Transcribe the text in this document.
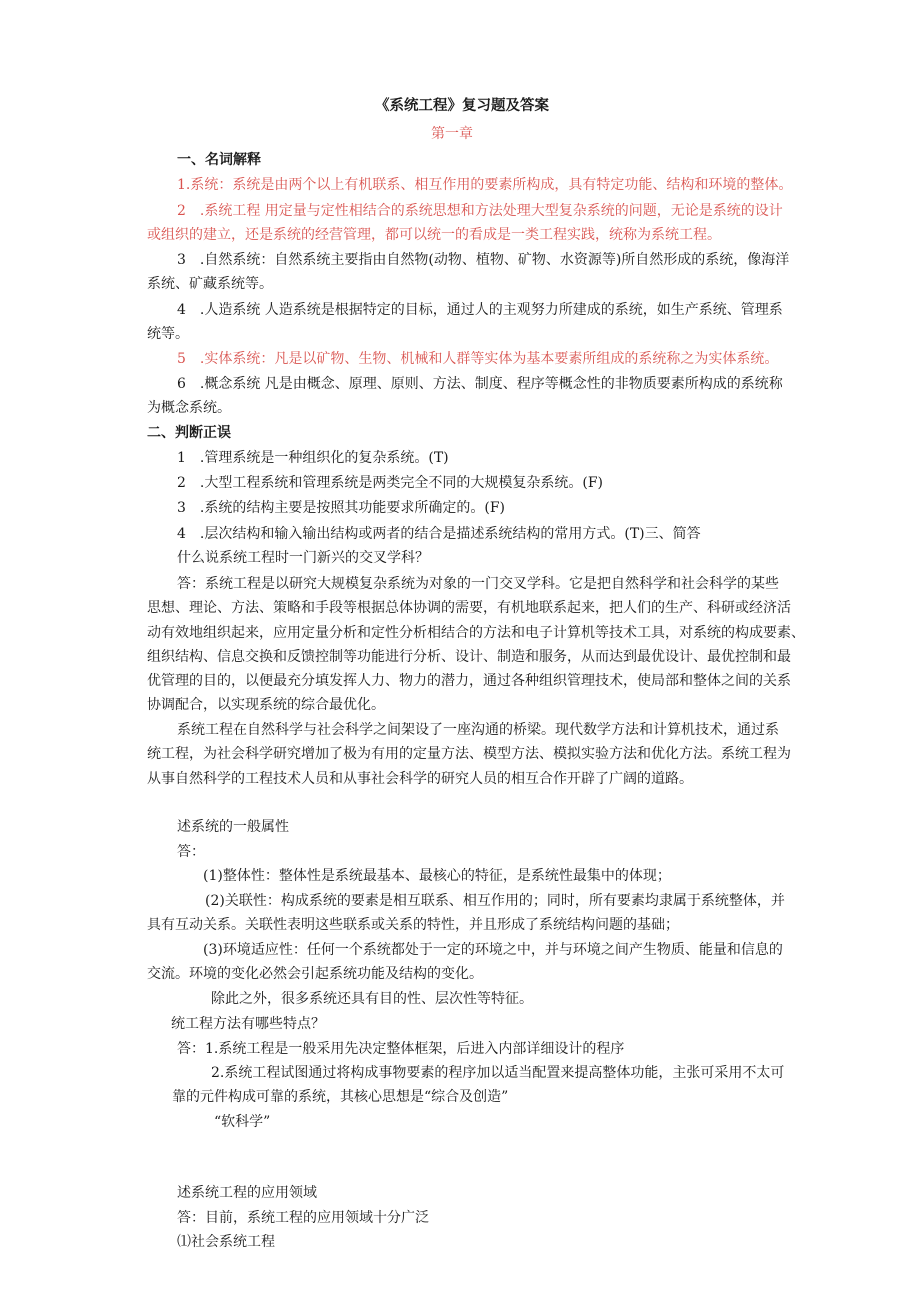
《系统工程》复习题及答案
第一章
一、名词解释
1.系统：系统是由两个以上有机联系、相互作用的要素所构成，具有特定功能、结构和环境的整体。
2　.系统工程 用定量与定性相结合的系统思想和方法处理大型复杂系统的问题，无论是系统的设计
或组织的建立，还是系统的经营管理，都可以统一的看成是一类工程实践，统称为系统工程。
3　.自然系统：自然系统主要指由自然物(动物、植物、矿物、水资源等)所自然形成的系统，像海洋
系统、矿藏系统等。
4　.人造系统 人造系统是根据特定的目标，通过人的主观努力所建成的系统，如生产系统、管理系
统等。
5　.实体系统：凡是以矿物、生物、机械和人群等实体为基本要素所组成的系统称之为实体系统。
6　.概念系统 凡是由概念、原理、原则、方法、制度、程序等概念性的非物质要素所构成的系统称
为概念系统。
二、判断正误
1　.管理系统是一种组织化的复杂系统。(T)
2　.大型工程系统和管理系统是两类完全不同的大规模复杂系统。(F)
3　.系统的结构主要是按照其功能要求所确定的。(F)
4　.层次结构和输入输出结构或两者的结合是描述系统结构的常用方式。(T)三、简答
什么说系统工程时一门新兴的交叉学科？
答：系统工程是以研究大规模复杂系统为对象的一门交叉学科。它是把自然科学和社会科学的某些
思想、理论、方法、策略和手段等根据总体协调的需要，有机地联系起来，把人们的生产、科研或经济活
动有效地组织起来，应用定量分析和定性分析相结合的方法和电子计算机等技术工具，对系统的构成要素、
组织结构、信息交换和反馈控制等功能进行分析、设计、制造和服务，从而达到最优设计、最优控制和最
优管理的目的，以便最充分填发挥人力、物力的潜力，通过各种组织管理技术，使局部和整体之间的关系
协调配合，以实现系统的综合最优化。
系统工程在自然科学与社会科学之间架设了一座沟通的桥梁。现代数学方法和计算机技术，通过系
统工程，为社会科学研究增加了极为有用的定量方法、模型方法、模拟实验方法和优化方法。系统工程为
从事自然科学的工程技术人员和从事社会科学的研究人员的相互合作开辟了广阔的道路。
述系统的一般属性
答：
(1)整体性：整体性是系统最基本、最核心的特征，是系统性最集中的体现；
(2)关联性：构成系统的要素是相互联系、相互作用的；同时，所有要素均隶属于系统整体，并
具有互动关系。关联性表明这些联系或关系的特性，并且形成了系统结构问题的基础；
(3)环境适应性：任何一个系统都处于一定的环境之中，并与环境之间产生物质、能量和信息的
交流。环境的变化必然会引起系统功能及结构的变化。
除此之外，很多系统还具有目的性、层次性等特征。
统工程方法有哪些特点？
答：1.系统工程是一般采用先决定整体框架，后进入内部详细设计的程序
2.系统工程试图通过将构成事物要素的程序加以适当配置来提高整体功能，主张可采用不太可
靠的元件构成可靠的系统，其核心思想是“综合及创造”
“软科学”
述系统工程的应用领域
答：目前，系统工程的应用领域十分广泛
⑴社会系统工程
